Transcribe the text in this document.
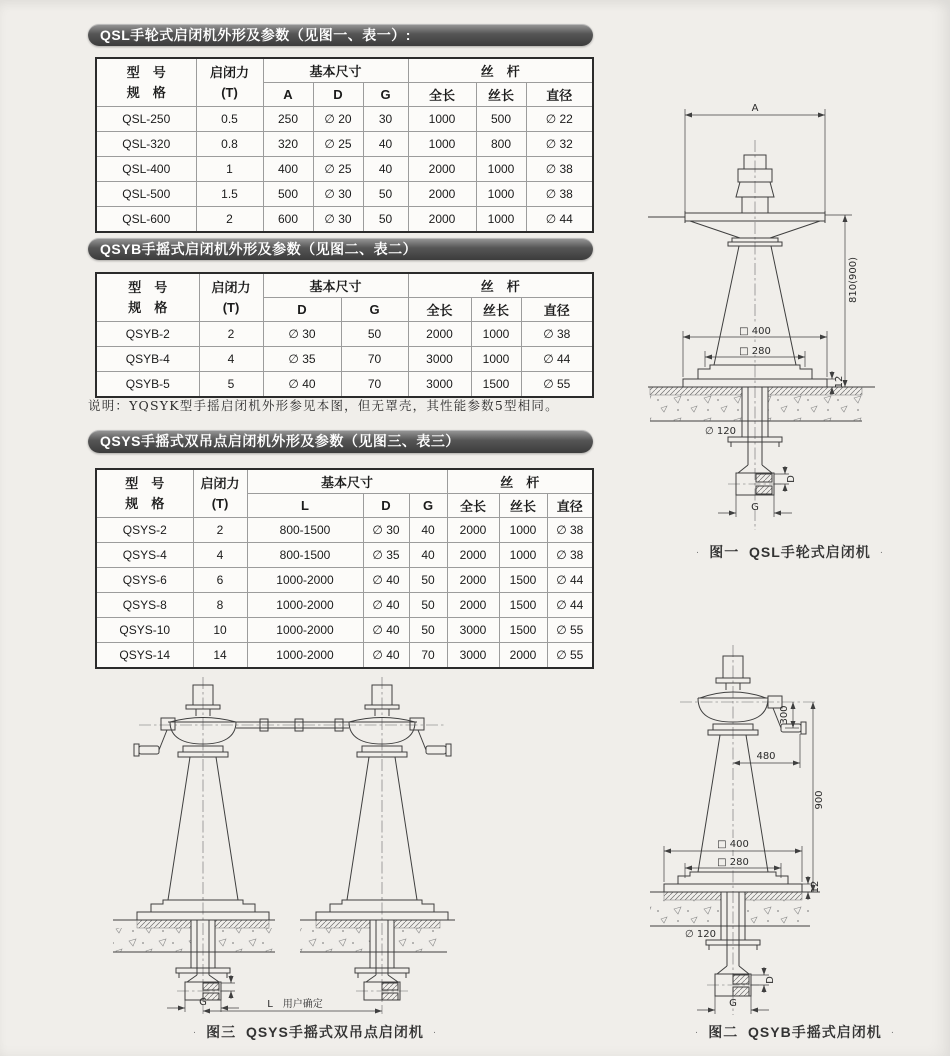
QSL手轮式启闭机外形及参数（见图一、表一）:
型　号
规　格

启闭力
(T)
	基本尺寸	丝　杆
		A	D	G	全长	丝长	直径
QSL-250	0.5	250	∅ 20	30	1000	500	∅ 22
QSL-320	0.8	320	∅ 25	40	1000	800	∅ 32
QSL-400	1	400	∅ 25	40	2000	1000	∅ 38
QSL-500	1.5	500	∅ 30	50	2000	1000	∅ 38
QSL-600	2	600	∅ 30	50	2000	1000	∅ 44
QSYB手摇式启闭机外形及参数（见图二、表二）
型　号
规　格

启闭力
(T)
	基本尺寸	丝　杆
		D	G	全长	丝长	直径
QSYB-2	2	∅ 30	50	2000	1000	∅ 38
QSYB-4	4	∅ 35	70	3000	1000	∅ 44
QSYB-5	5	∅ 40	70	3000	1500	∅ 55
说明：YQSYK型手摇启闭机外形参见本图，但无罩壳，其性能参数5型相同。
QSYS手摇式双吊点启闭机外形及参数（见图三、表三）
型　号
规　格

启闭力
(T)
	基本尺寸	丝　杆
		L	D	G	全长	丝长	直径
QSYS-2	2	800-1500	∅ 30	40	2000	1000	∅ 38
QSYS-4	4	800-1500	∅ 35	40	2000	1000	∅ 38
QSYS-6	6	1000-2000	∅ 40	50	2000	1500	∅ 44
QSYS-8	8	1000-2000	∅ 40	50	2000	1500	∅ 44
QSYS-10	10	1000-2000	∅ 40	50	3000	1500	∅ 55
QSYS-14	14	1000-2000	∅ 40	70	3000	2000	∅ 55
A
810(900)
□ 400
□ 280
12
∅ 120
D
G
· 图一 QSL手轮式启闭机 ·
300
480
900
□ 400
□ 280
12
∅ 120
D
G
· 图二 QSYB手摇式启闭机 ·
G	L　用户确定
· 图三 QSYS手摇式双吊点启闭机 ·
